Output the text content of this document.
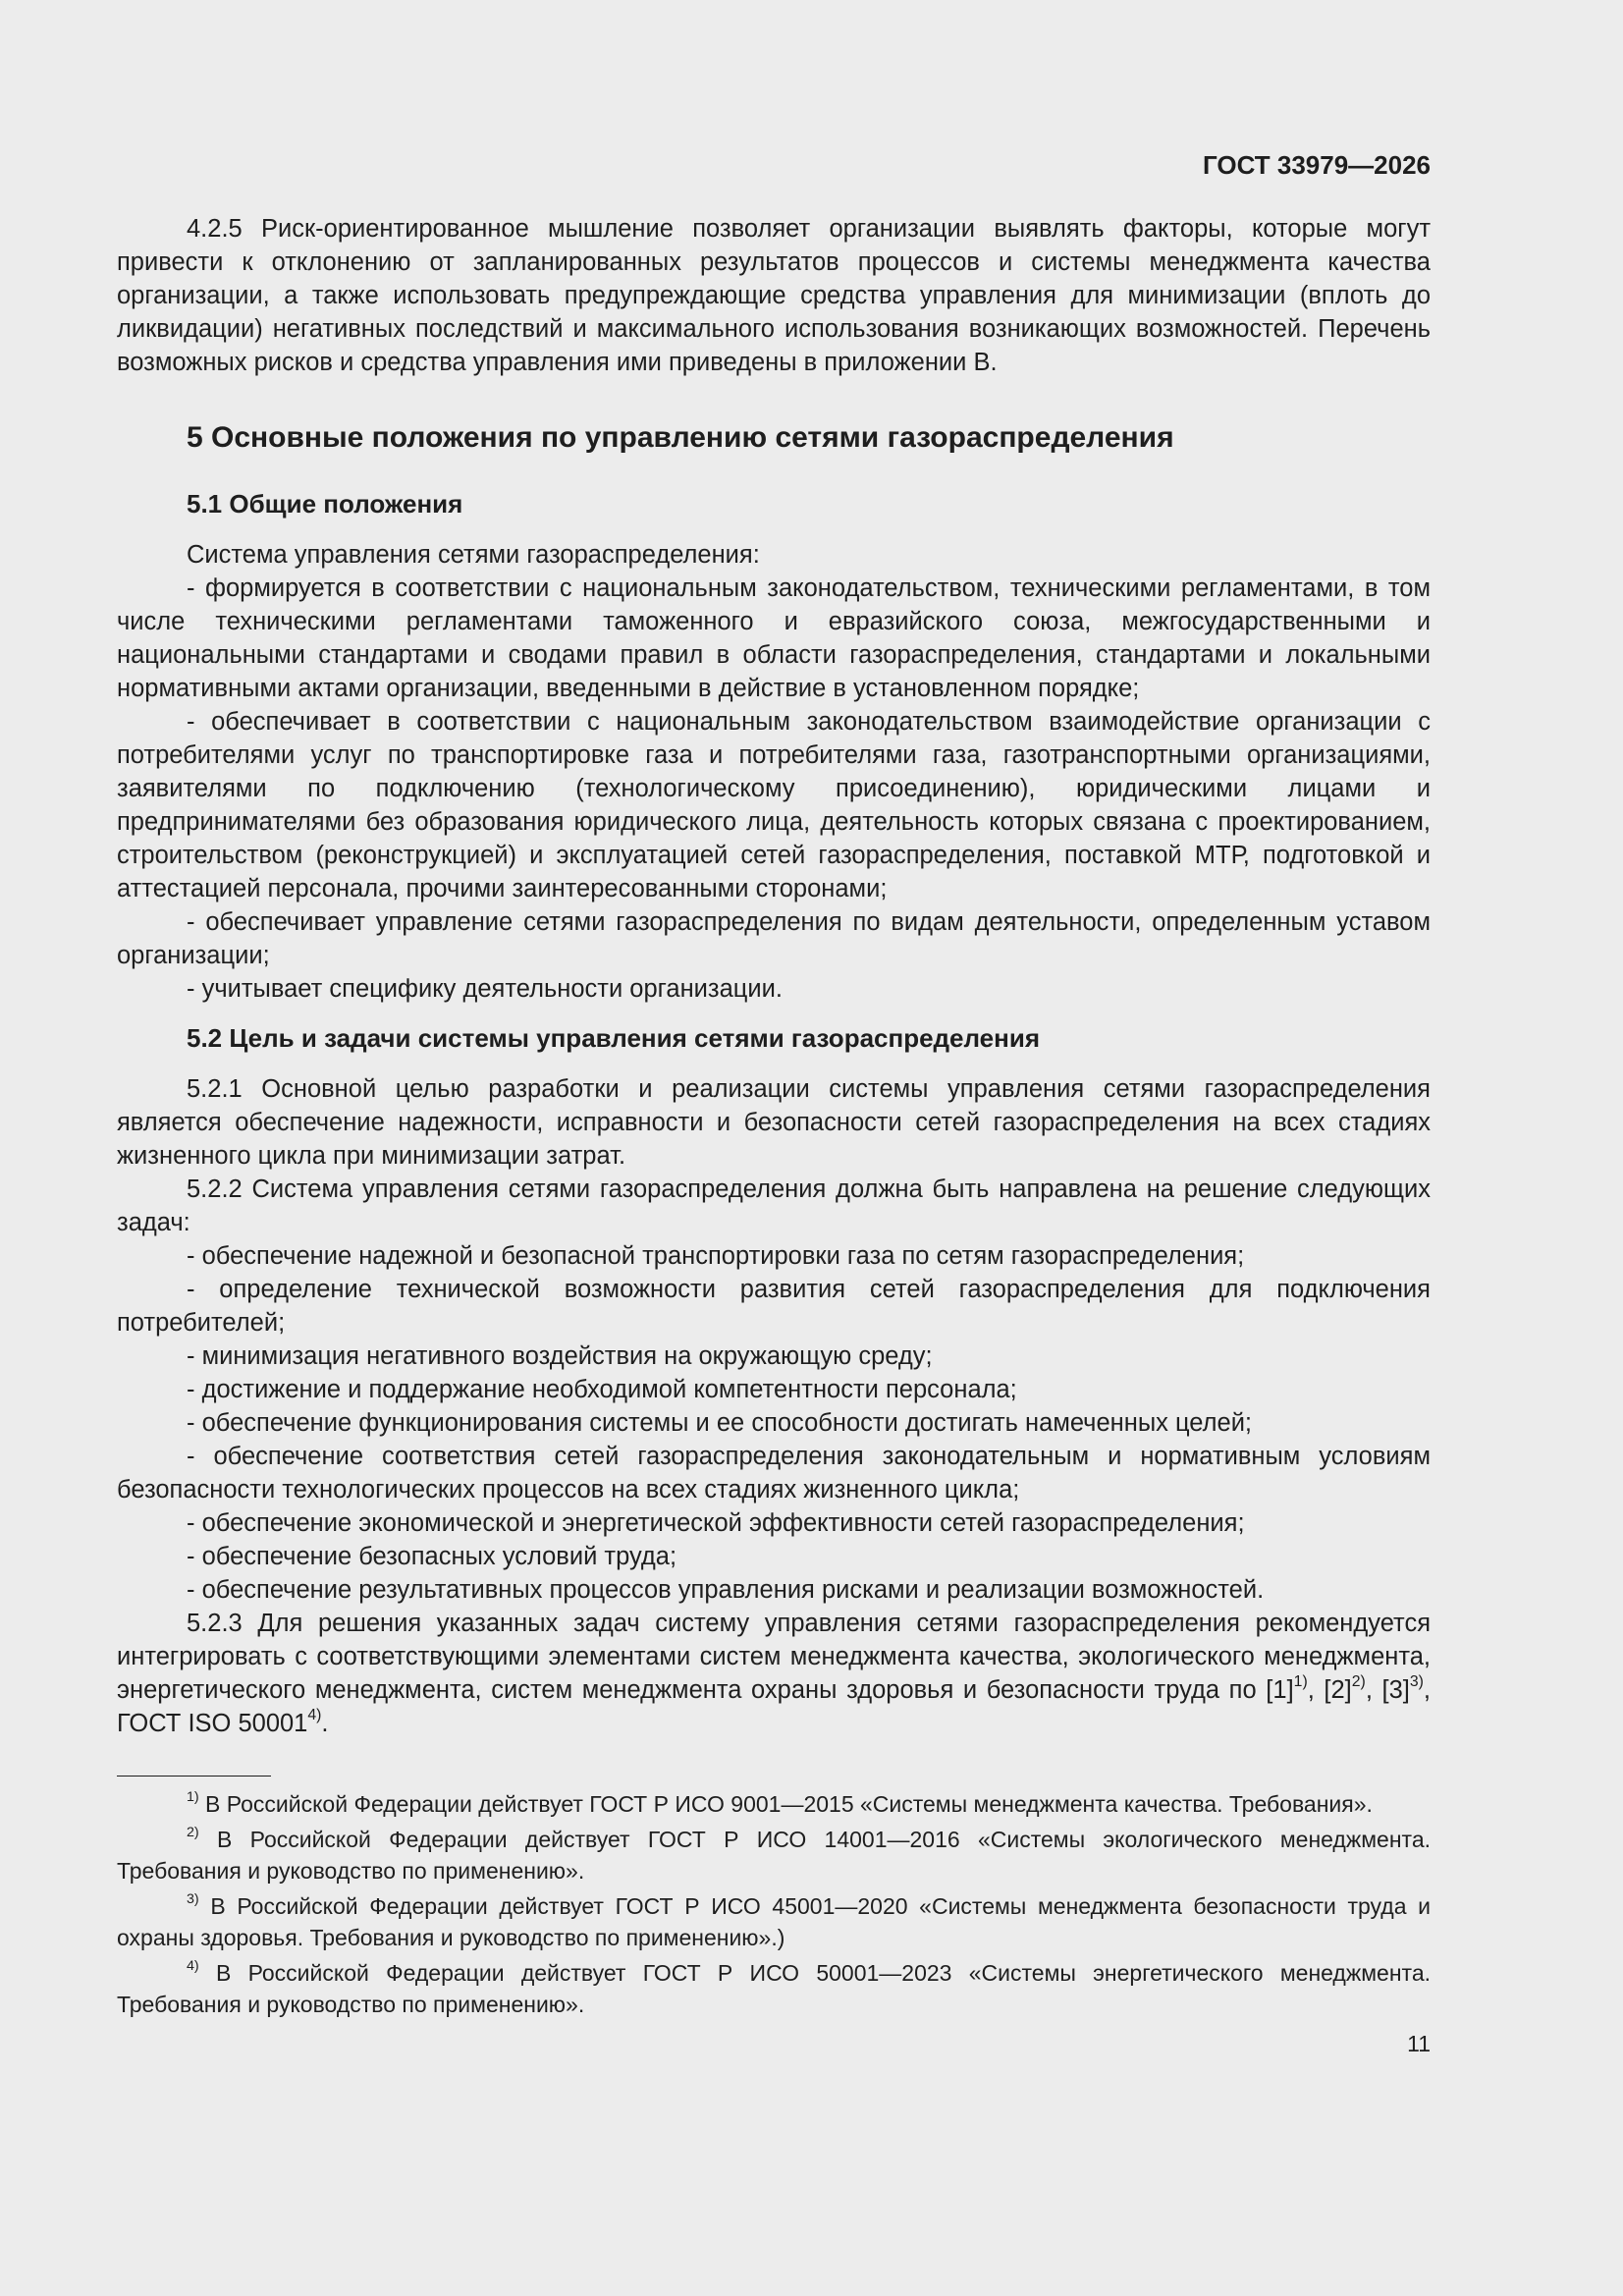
ГОСТ 33979—2026

4.2.5 Риск-ориентированное мышление позволяет организации выявлять факторы, которые могут привести к отклонению от запланированных результатов процессов и системы менеджмента качества организации, а также использовать предупреждающие средства управления для минимизации (вплоть до ликвидации) негативных последствий и максимального использования возникающих возможностей. Перечень возможных рисков и средства управления ими приведены в приложении В.

5 Основные положения по управлению сетями газораспределения
5.1 Общие положения

Система управления сетями газораспределения:

- формируется в соответствии с национальным законодательством, техническими регламентами, в том числе техническими регламентами таможенного и евразийского союза, межгосударственными и национальными стандартами и сводами правил в области газораспределения, стандартами и локальными нормативными актами организации, введенными в действие в установленном порядке;

- обеспечивает в соответствии с национальным законодательством взаимодействие организации с потребителями услуг по транспортировке газа и потребителями газа, газотранспортными организациями, заявителями по подключению (технологическому присоединению), юридическими лицами и предпринимателями без образования юридического лица, деятельность которых связана с проектированием, строительством (реконструкцией) и эксплуатацией сетей газораспределения, поставкой МТР, подготовкой и аттестацией персонала, прочими заинтересованными сторонами;

- обеспечивает управление сетями газораспределения по видам деятельности, определенным уставом организации;

- учитывает специфику деятельности организации.

5.2 Цель и задачи системы управления сетями газораспределения

5.2.1 Основной целью разработки и реализации системы управления сетями газораспределения является обеспечение надежности, исправности и безопасности сетей газораспределения на всех стадиях жизненного цикла при минимизации затрат.

5.2.2 Система управления сетями газораспределения должна быть направлена на решение следующих задач:

- обеспечение надежной и безопасной транспортировки газа по сетям газораспределения;

- определение технической возможности развития сетей газораспределения для подключения потребителей;

- минимизация негативного воздействия на окружающую среду;

- достижение и поддержание необходимой компетентности персонала;

- обеспечение функционирования системы и ее способности достигать намеченных целей;

- обеспечение соответствия сетей газораспределения законодательным и нормативным условиям безопасности технологических процессов на всех стадиях жизненного цикла;

- обеспечение экономической и энергетической эффективности сетей газораспределения;

- обеспечение безопасных условий труда;

- обеспечение результативных процессов управления рисками и реализации возможностей.

5.2.3 Для решения указанных задач систему управления сетями газораспределения рекомендуется интегрировать с соответствующими элементами систем менеджмента качества, экологического менеджмента, энергетического менеджмента, систем менеджмента охраны здоровья и безопасности труда по $[1]^{1)}$, $[2]^{2)}$, $[3]^{3)}$, ГОСТ ISO 50001$^{4)}$.

$^{1)}$ В Российской Федерации действует ГОСТ Р ИСО 9001—2015 «Системы менеджмента качества. Требования».
$^{2)}$ В Российской Федерации действует ГОСТ Р ИСО 14001—2016 «Системы экологического менеджмента. Требования и руководство по применению».
$^{3)}$ В Российской Федерации действует ГОСТ Р ИСО 45001—2020 «Системы менеджмента безопасности труда и охраны здоровья. Требования и руководство по применению».)
$^{4)}$ В Российской Федерации действует ГОСТ Р ИСО 50001—2023 «Системы энергетического менеджмента. Требования и руководство по применению».
11
